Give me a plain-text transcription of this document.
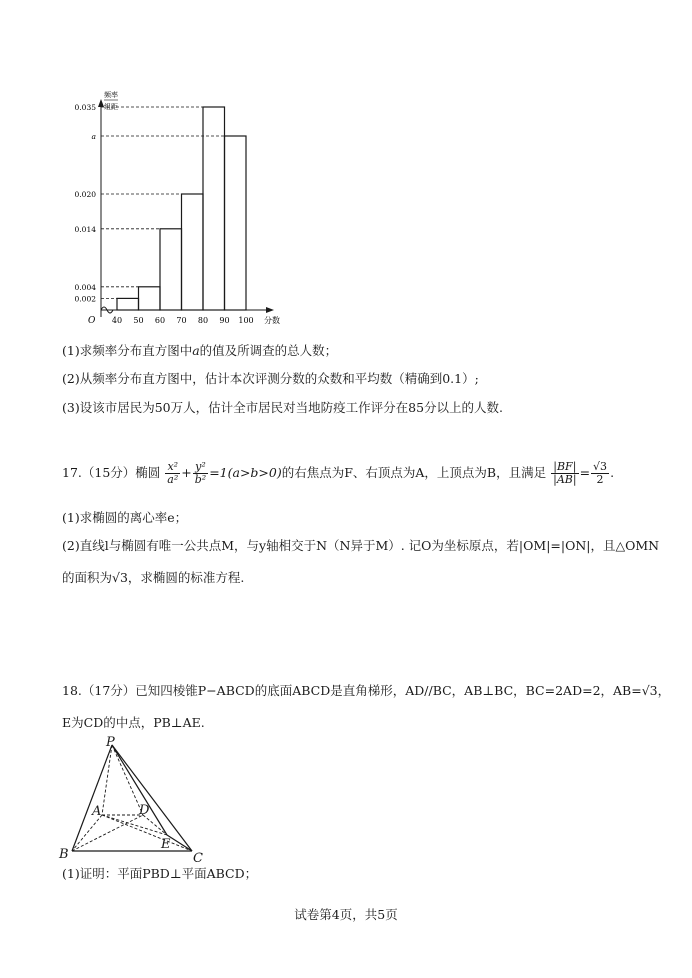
频率
组距
分数
O
0.002
0.004
0.014
0.020
a
0.035
40 50 60 70 80 90 100
(1)求频率分布直方图中a的值及所调查的总人数；
(2)从频率分布直方图中，估计本次评测分数的众数和平均数（精确到0.1）;
(3)设该市居民为50万人，估计全市居民对当地防疫工作评分在85分以上的人数.
17.（15分）椭圆 $\frac{\text{x²}}{\text{a²}} + \frac{\text{y²}}{\text{b²}} =1(a>b>0)$的右焦点为F、右顶点为A，上顶点为B，且满足 $\frac{|BF|}{|AB|} = \frac{√3}{2}$ .
(1)求椭圆的离心率e；
(2)直线l与椭圆有唯一公共点M，与y轴相交于N（N异于M）. 记O为坐标原点，若|OM|=|ON|，且△OMN
的面积为√3，求椭圆的标准方程.
18.（17分）已知四棱锥P−ABCD的底面ABCD是直角梯形，AD//BC，AB⊥BC，BC=2AD=2，AB=√3，
E为CD的中点，PB⊥AE.
P
A	D
E
B	C
(1)证明：平面PBD⊥平面ABCD；
试卷第4页，共5页
